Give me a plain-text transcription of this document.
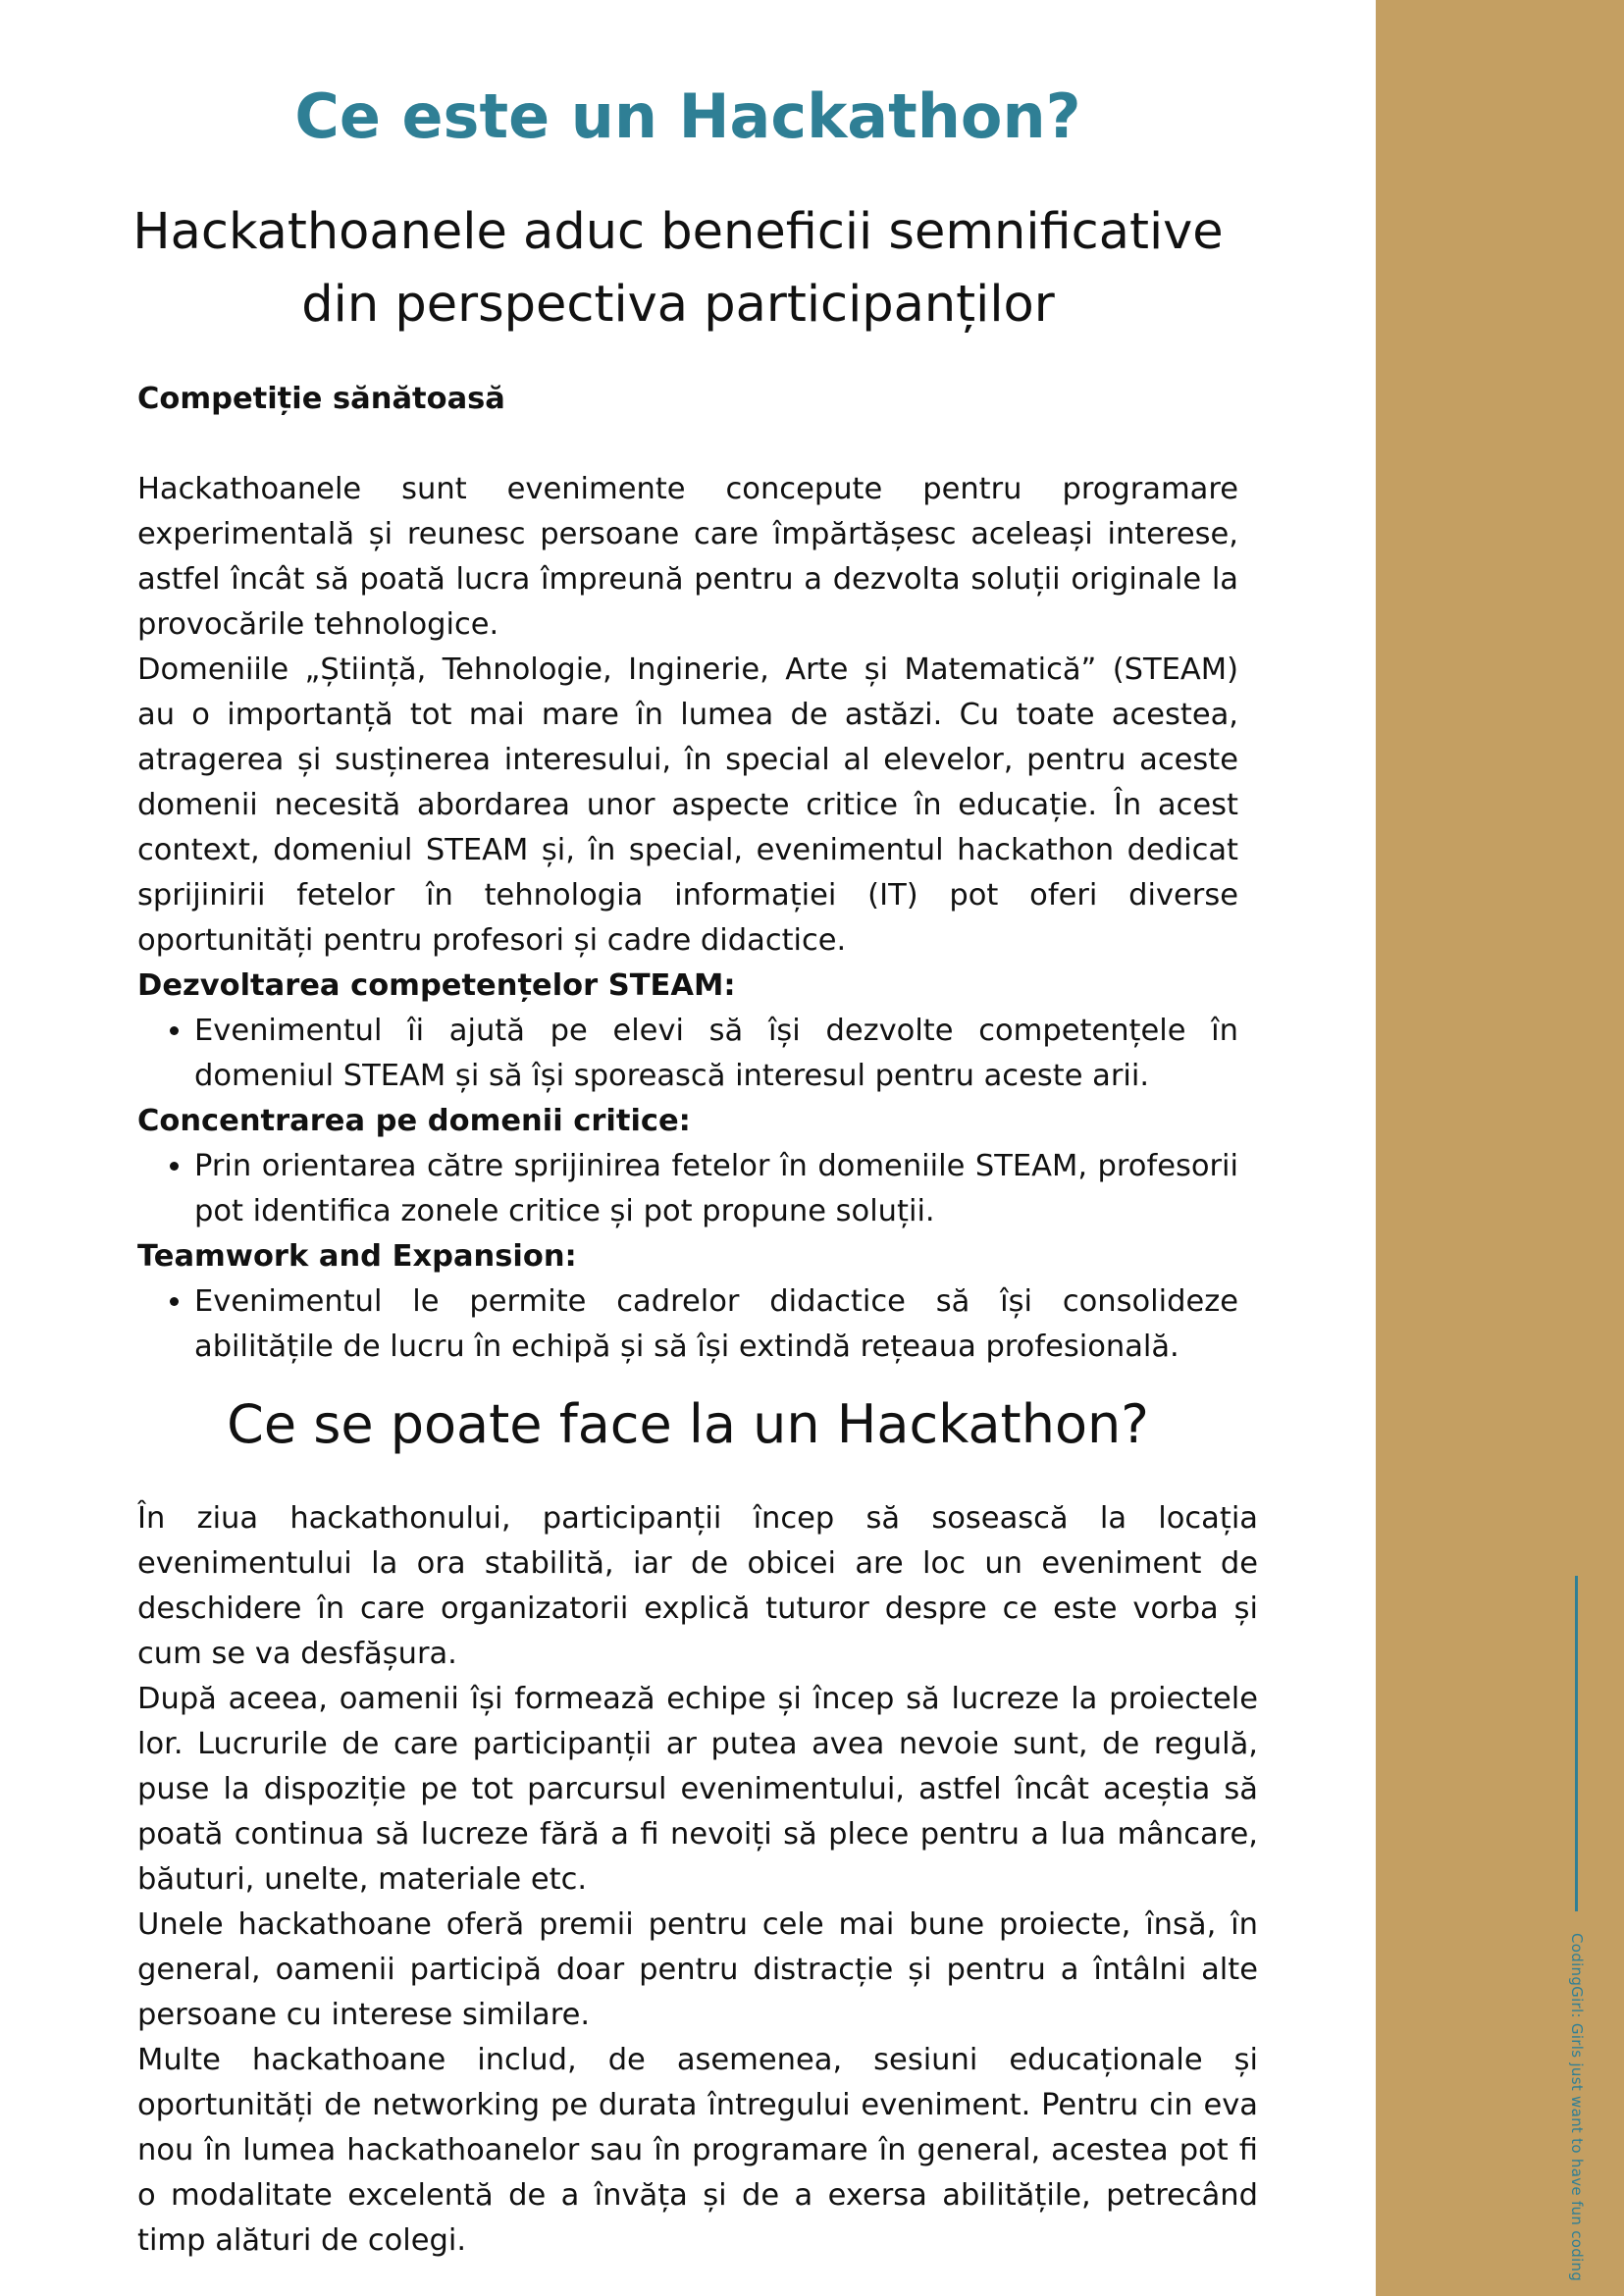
CodingGirl: Girls just want to have fun coding
Ce este un Hackathon?
Hackathoanele aduc beneficii semnificative din perspectiva participanților

Competiție sănătoasă

Hackathoanele sunt evenimente concepute pentru programare experimentală și reunesc persoane care împărtășesc aceleași interese, astfel încât să poată lucra împreună pentru a dezvolta soluții originale la provocările tehnologice.

Domeniile „Știință, Tehnologie, Inginerie, Arte și Matematică” (STEAM) au o importanță tot mai mare în lumea de astăzi. Cu toate acestea, atragerea și susținerea interesului, în special al elevelor, pentru aceste domenii necesită abordarea unor aspecte critice în educație. În acest context, domeniul STEAM și, în special, evenimentul hackathon dedicat sprijinirii fetelor în tehnologia informației (IT) pot oferi diverse oportunități pentru profesori și cadre didactice.

Dezvoltarea competențelor STEAM:

• Evenimentul îi ajută pe elevi să își dezvolte competențele în domeniul STEAM și să își sporească interesul pentru aceste arii.

Concentrarea pe domenii critice:

• Prin orientarea către sprijinirea fetelor în domeniile STEAM, profesorii pot identifica zonele critice și pot propune soluții.

Teamwork and Expansion:

• Evenimentul le permite cadrelor didactice să își consolideze abilitățile de lucru în echipă și să își extindă rețeaua profesională.
Ce se poate face la un Hackathon?

În ziua hackathonului, participanții încep să sosească la locația evenimentului la ora stabilită, iar de obicei are loc un eveniment de deschidere în care organizatorii explică tuturor despre ce este vorba și cum se va desfășura.

După aceea, oamenii își formează echipe și încep să lucreze la proiectele lor. Lucrurile de care participanții ar putea avea nevoie sunt, de regulă, puse la dispoziție pe tot parcursul evenimentului, astfel încât aceștia să poată continua să lucreze fără a fi nevoiți să plece pentru a lua mâncare, băuturi, unelte, materiale etc.

Unele hackathoane oferă premii pentru cele mai bune proiecte, însă, în general, oamenii participă doar pentru distracție și pentru a întâlni alte persoane cu interese similare.

Multe hackathoane includ, de asemenea, sesiuni educaționale și oportunități de networking pe durata întregului eveniment. Pentru cin eva nou în lumea hackathoanelor sau în programare în general, acestea pot fi o modalitate excelentă de a învăța și de a exersa abilitățile, petrecând timp alături de colegi.
